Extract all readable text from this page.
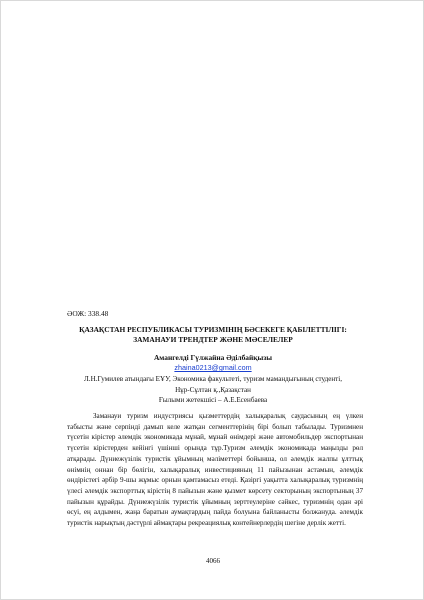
ӘОЖ: 338.48
ҚАЗАҚСТАН РЕСПУБЛИКАСЫ ТУРИЗМІНІҢ БӘСЕКЕГЕ ҚАБІЛЕТТІЛІГІ:
ЗАМАНАУИ ТРЕНДТЕР ЖӘНЕ МӘСЕЛЕЛЕР
Амангелді Гүлжайна Әділбайқызы
zhaina0213@gmail.com
Л.Н.Гумилев атындағы ЕҰУ, Экономика факультеті, туризм мамандығының студенті,
Нұр-Сұлтан қ.,Қазақстан
Ғылыми жетекшісі – А.Е.Есенбаева

Заманауи туризм индустриясы қызметтердің халықаралық саудасының ең үлкен табысты және серпінді дамып келе жатқан сегменттерінің бірі болып табылады. Туризмнен түсетін кірістер әлемдік экономикада мұнай, мұнай өнімдері және автомобильдер экспортынан түсетін кірістерден кейінгі үшінші орында тұр.Туризм әлемдік экономикада маңызды рөл атқарады. Дүниежүзілік туристік ұйымның мәліметтері бойынша, ол әлемдік жалпы ұлттық өнімнің оннан бір бөлігін, халықаралық инвестицияның 11 пайызынан астамын, әлемдік өндірістегі әрбір 9-шы жұмыс орнын қамтамасыз етеді. Қазіргі уақытта халықаралық туризмнің үлесі әлемдік экспорттық кірістің 8 пайызын және қызмет көрсету секторының экспортының 37 пайызын құрайды. Дүниежүзілік туристік ұйымның зерттеулеріне сәйкес, туризмнің одан әрі өсуі, ең алдымен, жаңа баратын аумақтардың пайда болуына байланысты болжануда. әлемдік туристік нарықтың дәстүрлі аймақтары рекреациялық контейнерлердің шегіне дерлік жетті.

4066
